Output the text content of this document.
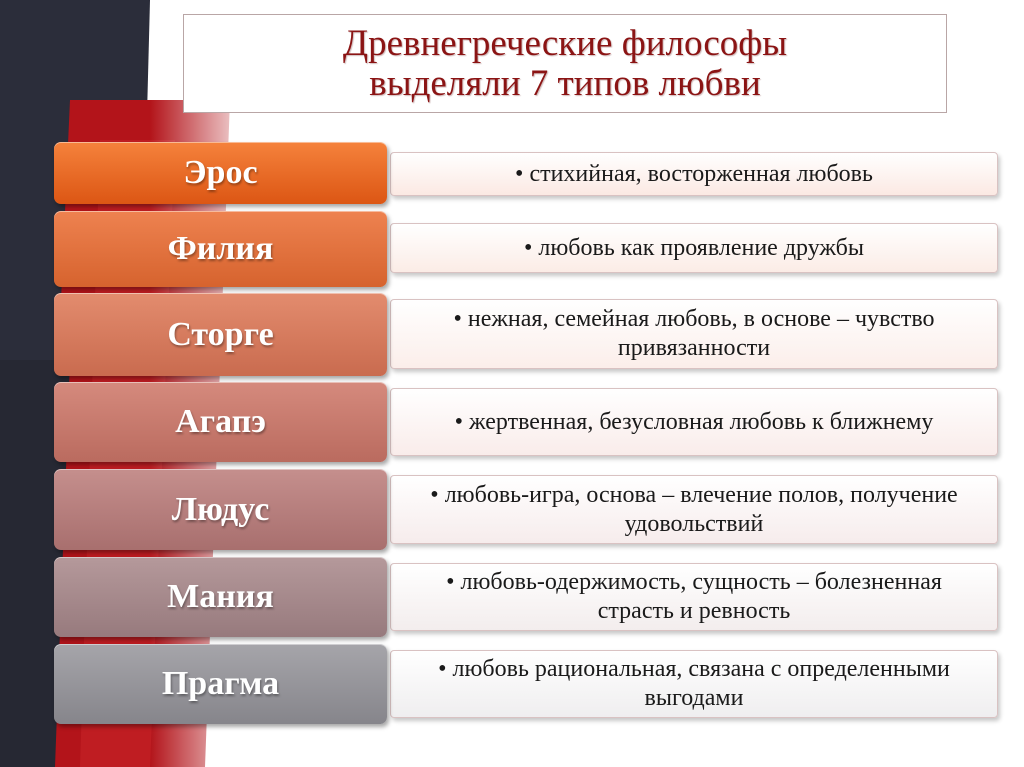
Древнегреческие философы
выделяли 7 типов любви
Эрос	• стихийная, восторженная любовь
Филия	• любовь как проявление дружбы
Сторге	• нежная, семейная любовь, в основе – чувство привязанности
Агапэ	• жертвенная, безусловная любовь к ближнему
Людус	• любовь-игра, основа – влечение полов, получение удовольствий
Мания	• любовь-одержимость, сущность – болезненная страсть и ревность
Прагма	• любовь рациональная, связана с определенными выгодами
